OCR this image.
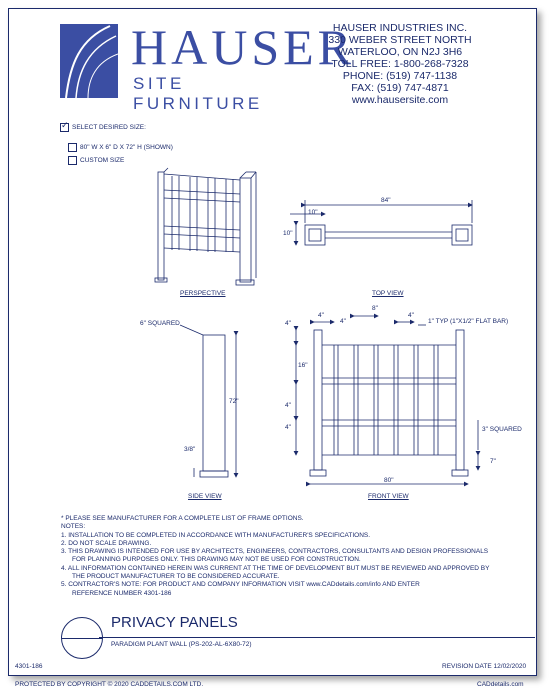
HAUSER
SITE FURNITURE
HAUSER INDUSTRIES INC.
330 WEBER STREET NORTH
WATERLOO, ON N2J 3H6
TOLL FREE: 1-800-268-7328
PHONE: (519) 747-1138
FAX: (519) 747-4871
www.hausersite.com
✓
SELECT DESIRED SIZE:
80" W X 6" D X 72" H (SHOWN)
CUSTOM SIZE
PERSPECTIVE	TOP VIEW
SIDE VIEW	FRONT VIEW
84"
10"
10"
6" SQUARED
72"
3/8"
4"
8"
4"
4"
1" TYP (1"X1/2" FLAT BAR)
4"
16"
4"
4"
80"
3" SQUARED
7"
* PLEASE SEE MANUFACTURER FOR A COMPLETE LIST OF FRAME OPTIONS.
NOTES:
1. INSTALLATION TO BE COMPLETED IN ACCORDANCE WITH MANUFACTURER'S SPECIFICATIONS.
2. DO NOT SCALE DRAWING.
3. THIS DRAWING IS INTENDED FOR USE BY ARCHITECTS, ENGINEERS, CONTRACTORS, CONSULTANTS AND DESIGN PROFESSIONALS
FOR PLANNING PURPOSES ONLY. THIS DRAWING MAY NOT BE USED FOR CONSTRUCTION.
4. ALL INFORMATION CONTAINED HEREIN WAS CURRENT AT THE TIME OF DEVELOPMENT BUT MUST BE REVIEWED AND APPROVED BY
THE PRODUCT MANUFACTURER TO BE CONSIDERED ACCURATE.
5. CONTRACTOR'S NOTE: FOR PRODUCT AND COMPANY INFORMATION VISIT www.CADdetails.com/info AND ENTER
REFERENCE NUMBER 4301-186
PRIVACY PANELS
PARADIGM PLANT WALL (PS-202-AL-6X80-72)
4301-186	REVISION DATE 12/02/2020
PROTECTED BY COPYRIGHT © 2020 CADDETAILS.COM LTD.	CADdetails.com
